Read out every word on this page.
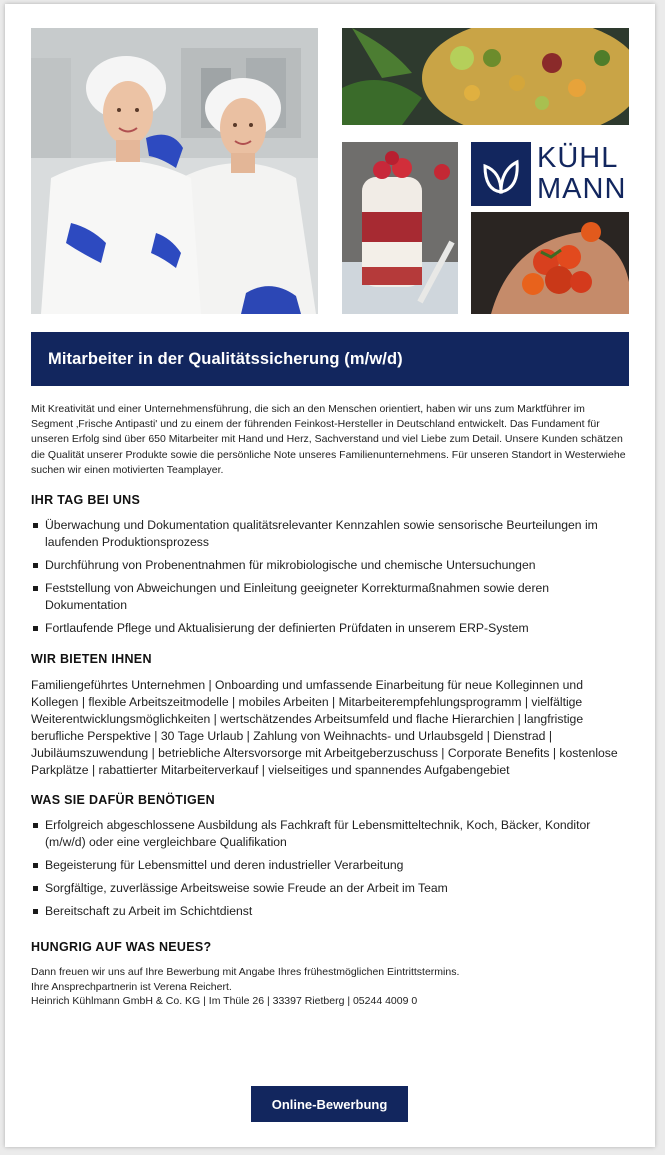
KÜHL
MANN
Mitarbeiter in der Qualitätssicherung (m/w/d)

Mit Kreativität und einer Unternehmensführung, die sich an den Menschen orientiert, haben wir uns zum Marktführer im Segment ‚Frische Antipasti' und zu einem der führenden Feinkost-Hersteller in Deutschland entwickelt. Das Fundament für unseren Erfolg sind über 650 Mitarbeiter mit Hand und Herz, Sachverstand und viel Liebe zum Detail. Unsere Kunden schätzen die Qualität unserer Produkte sowie die persönliche Note unseres Familienunternehmens. Für unseren Standort in Westerwiehe suchen wir einen motivierten Teamplayer.

IHR TAG BEI UNS
Überwachung und Dokumentation qualitätsrelevanter Kennzahlen sowie sensorische Beurteilungen im laufenden Produktionsprozess
Durchführung von Probenentnahmen für mikrobiologische und chemische Untersuchungen
Feststellung von Abweichungen und Einleitung geeigneter Korrekturmaßnahmen sowie deren Dokumentation
Fortlaufende Pflege und Aktualisierung der definierten Prüfdaten in unserem ERP-System
WIR BIETEN IHNEN

Familiengeführtes Unternehmen | Onboarding und umfassende Einarbeitung für neue Kolleginnen und Kollegen | flexible Arbeitszeitmodelle | mobiles Arbeiten | Mitarbeiterempfehlungsprogramm | vielfältige Weiterentwicklungsmöglichkeiten | wertschätzendes Arbeitsumfeld und flache Hierarchien | langfristige berufliche Perspektive | 30 Tage Urlaub | Zahlung von Weihnachts- und Urlaubsgeld | Dienstrad | Jubiläumszuwendung | betriebliche Altersvorsorge mit Arbeitgeberzuschuss | Corporate Benefits | kostenlose Parkplätze | rabattierter Mitarbeiterverkauf | vielseitiges und spannendes Aufgabengebiet

WAS SIE DAFÜR BENÖTIGEN
Erfolgreich abgeschlossene Ausbildung als Fachkraft für Lebensmitteltechnik, Koch, Bäcker, Konditor (m/w/d) oder eine vergleichbare Qualifikation
Begeisterung für Lebensmittel und deren industrieller Verarbeitung
Sorgfältige, zuverlässige Arbeitsweise sowie Freude an der Arbeit im Team
Bereitschaft zu Arbeit im Schichtdienst
HUNGRIG AUF WAS NEUES?
Dann freuen wir uns auf Ihre Bewerbung mit Angabe Ihres frühestmöglichen Eintrittstermins.
Ihre Ansprechpartnerin ist Verena Reichert.
Heinrich Kühlmann GmbH & Co. KG | Im Thüle 26 | 33397 Rietberg | 05244 4009 0
Online-Bewerbung
